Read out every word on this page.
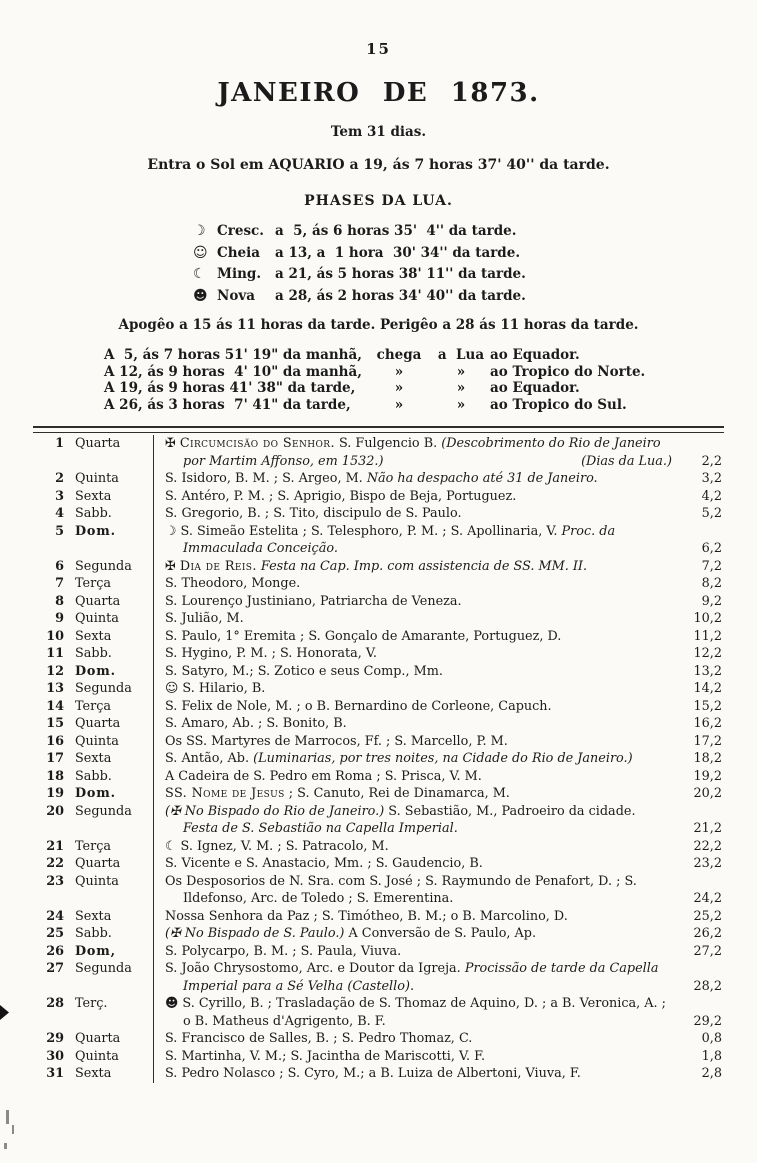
15
JANEIRO DE 1873.
Tem 31 dias.
Entra o Sol em AQUARIO a 19, ás 7 horas 37' 40'' da tarde.
PHASES DA LUA.
☽ Cresc. a  5, ás 6 horas 35'  4'' da tarde.
☺ Cheia	a 13, a  1 hora  30' 34'' da tarde.
☾ Ming.	a 21, ás 5 horas 38' 11'' da tarde.
☻ Nova	a 28, ás 2 horas 34' 40'' da tarde.
Apogêo a 15 ás 11 horas da tarde. Perigêo a 28 ás 11 horas da tarde.
A  5, ás 7 horas 51' 19" da manhã,	chega	a  Lua ao Equador.
A 12, ás 9 horas  4' 10" da manhã,	»	»	ao Tropico do Norte.
A 19, ás 9 horas 41' 38" da tarde,	»	»	ao Equador.
A 26, ás 3 horas  7' 41" da tarde,	»	»	ao Tropico do Sul.
1 Quarta	✠ Circumcisão do Senhor. S. Fulgencio B. (Descobrimento do Rio de Janeiro por Martim Affonso, em 1532.)	(Dias da Lua.)	2,2
2 Quinta	S. Isidoro, B. M. ; S. Argeo, M. Não ha despacho até 31 de Janeiro.	3,2
3 Sexta	S. Antéro, P. M. ; S. Aprigio, Bispo de Beja, Portuguez.	4,2
4 Sabb.	S. Gregorio, B. ; S. Tito, discipulo de S. Paulo.	5,2
5 Dom.	☽ S. Simeão Estelita ; S. Telesphoro, P. M. ; S. Apollinaria, V. Proc. da Immaculada Conceição.	6,2
6 Segunda	✠ Dia de Reis. Festa na Cap. Imp. com assistencia de SS. MM. II.	7,2
7 Terça	S. Theodoro, Monge.	8,2
8 Quarta	S. Lourenço Justiniano, Patriarcha de Veneza.	9,2
9 Quinta	S. Julião, M.	10,2
10 Sexta	S. Paulo, 1° Eremita ; S. Gonçalo de Amarante, Portuguez, D.	11,2
11 Sabb.	S. Hygino, P. M. ; S. Honorata, V.	12,2
12 Dom.	S. Satyro, M.; S. Zotico e seus Comp., Mm.	13,2
13 Segunda	☺ S. Hilario, B.	14,2
14 Terça	S. Felix de Nole, M. ; o B. Bernardino de Corleone, Capuch.	15,2
15 Quarta	S. Amaro, Ab. ; S. Bonito, B.	16,2
16 Quinta	Os SS. Martyres de Marrocos, Ff. ; S. Marcello, P. M.	17,2
17 Sexta	S. Antão, Ab. (Luminarias, por tres noites, na Cidade do Rio de Janeiro.)	18,2
18 Sabb.	A Cadeira de S. Pedro em Roma ; S. Prisca, V. M.	19,2
19 Dom.	SS. Nome de Jesus ; S. Canuto, Rei de Dinamarca, M.	20,2
20 Segunda	(✠ No Bispado do Rio de Janeiro.) S. Sebastião, M., Padroeiro da cidade. Festa de S. Sebastião na Capella Imperial.	21,2
21 Terça	☾ S. Ignez, V. M. ; S. Patracolo, M.	22,2
22 Quarta	S. Vicente e S. Anastacio, Mm. ; S. Gaudencio, B.	23,2
23 Quinta	Os Desposorios de N. Sra. com S. José ; S. Raymundo de Penafort, D. ; S. Ildefonso, Arc. de Toledo ; S. Emerentina.	24,2
24 Sexta	Nossa Senhora da Paz ; S. Timótheo, B. M.; o B. Marcolino, D.	25,2
25 Sabb.	(✠ No Bispado de S. Paulo.) A Conversão de S. Paulo, Ap.	26,2
26 Dom,	S. Polycarpo, B. M. ; S. Paula, Viuva.	27,2
27 Segunda	S. João Chrysostomo, Arc. e Doutor da Igreja. Procissão de tarde da Capella Imperial para a Sé Velha (Castello).	28,2
28 Terç.	☻ S. Cyrillo, B. ; Trasladação de S. Thomaz de Aquino, D. ; a B. Veronica, A. ; o B. Matheus d'Agrigento, B. F.	29,2
29 Quarta	S. Francisco de Salles, B. ; S. Pedro Thomaz, C.	0,8
30 Quinta	S. Martinha, V. M.; S. Jacintha de Mariscotti, V. F.	1,8
31 Sexta	S. Pedro Nolasco ; S. Cyro, M.; a B. Luiza de Albertoni, Viuva, F.	2,8
